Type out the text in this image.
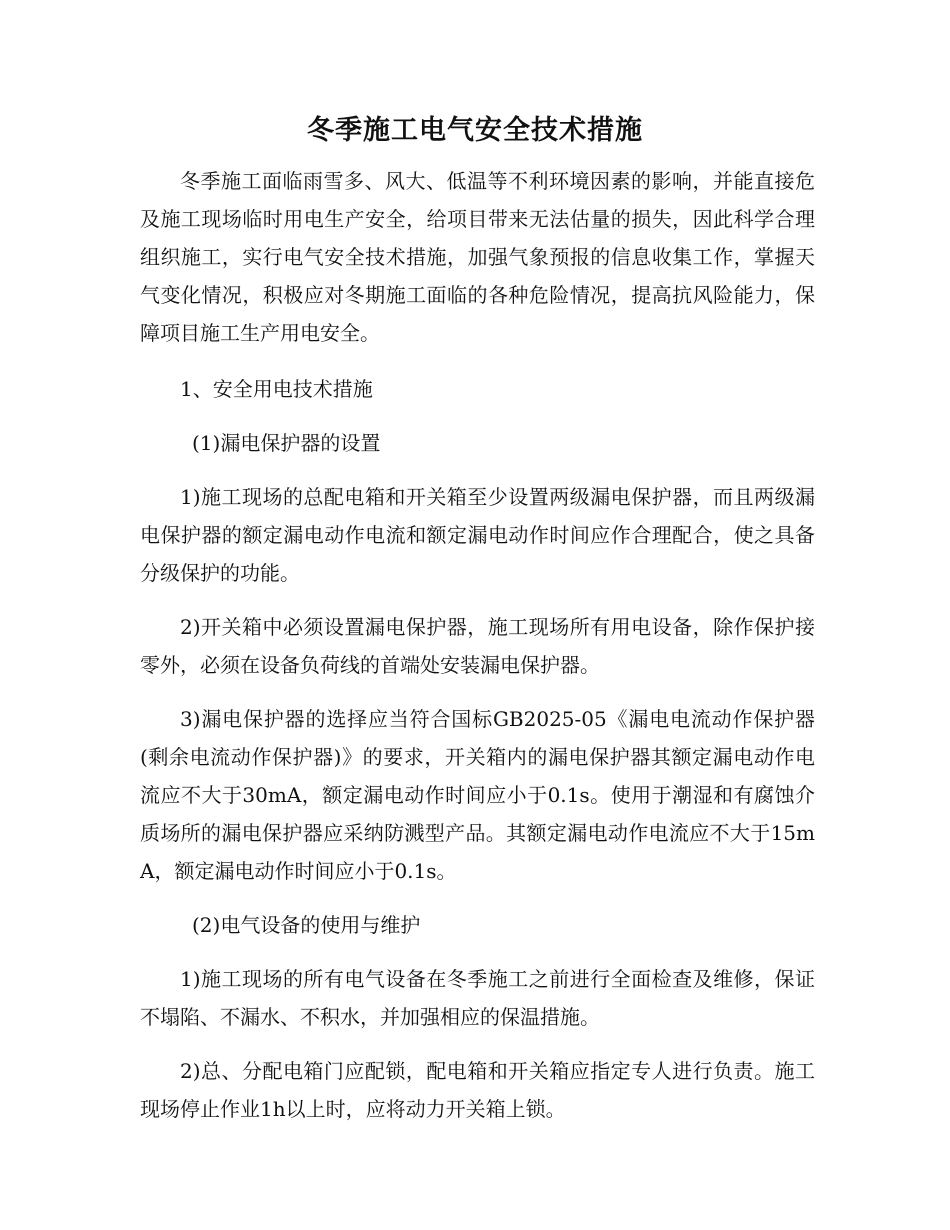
冬季施工电气安全技术措施

冬季施工面临雨雪多、风大、低温等不利环境因素的影响，并能直接危及施工现场临时用电生产安全，给项目带来无法估量的损失，因此科学合理组织施工，实行电气安全技术措施，加强气象预报的信息收集工作，掌握天气变化情况，积极应对冬期施工面临的各种危险情况，提高抗风险能力，保障项目施工生产用电安全。

1、安全用电技术措施

(1)漏电保护器的设置

1)施工现场的总配电箱和开关箱至少设置两级漏电保护器，而且两级漏电保护器的额定漏电动作电流和额定漏电动作时间应作合理配合，使之具备分级保护的功能。

2)开关箱中必须设置漏电保护器，施工现场所有用电设备，除作保护接零外，必须在设备负荷线的首端处安装漏电保护器。

3)漏电保护器的选择应当符合国标GB2025-05《漏电电流动作保护器(剩余电流动作保护器)》的要求，开关箱内的漏电保护器其额定漏电动作电流应不大于30mA，额定漏电动作时间应小于0.1s。使用于潮湿和有腐蚀介质场所的漏电保护器应采纳防溅型产品。其额定漏电动作电流应不大于15mA，额定漏电动作时间应小于0.1s。

(2)电气设备的使用与维护

1)施工现场的所有电气设备在冬季施工之前进行全面检查及维修，保证不塌陷、不漏水、不积水，并加强相应的保温措施。

2)总、分配电箱门应配锁，配电箱和开关箱应指定专人进行负责。施工现场停止作业1h以上时，应将动力开关箱上锁。
